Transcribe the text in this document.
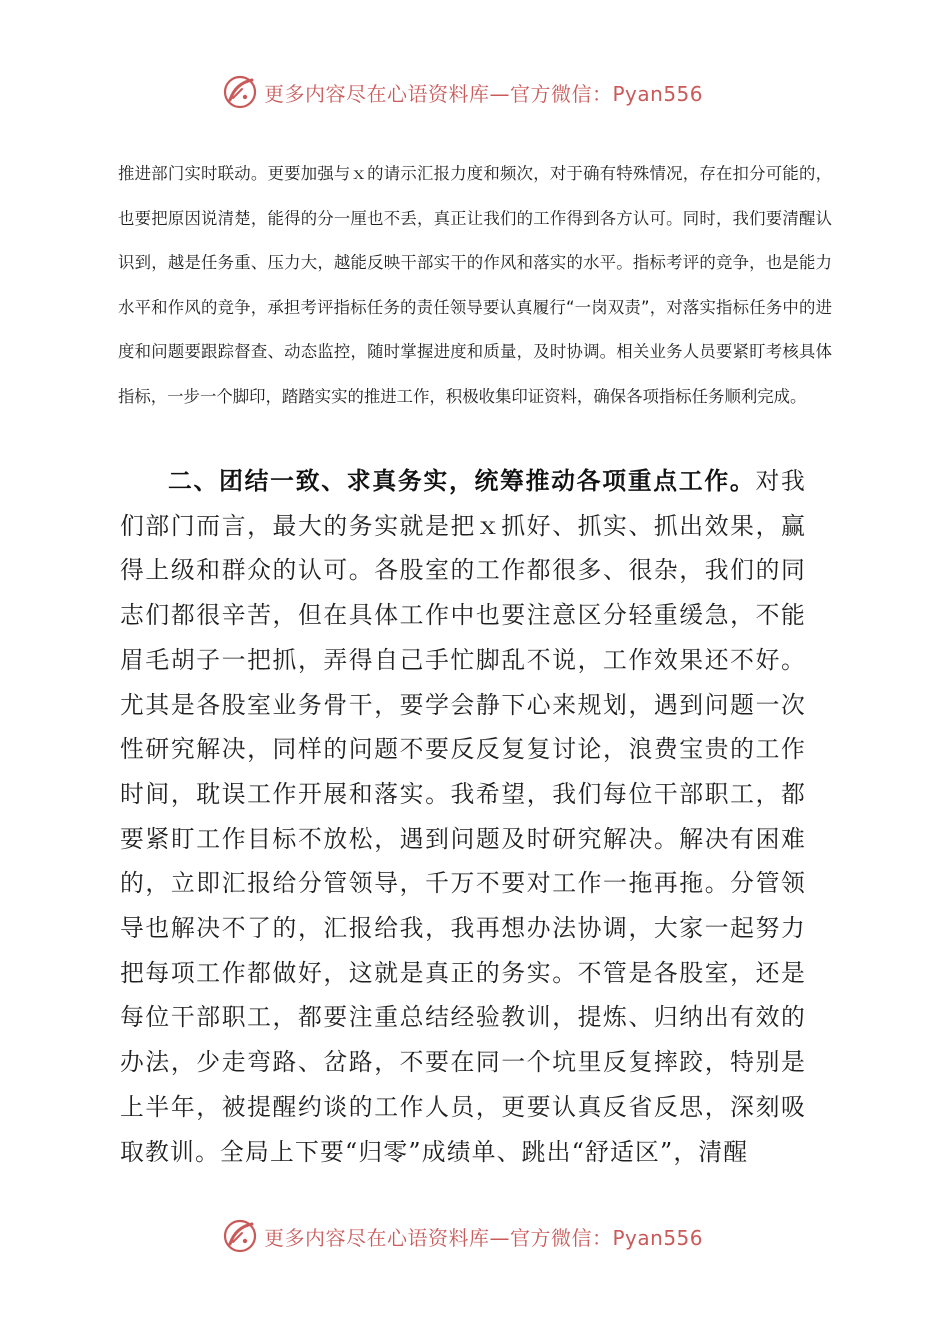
更多内容尽在心语资料库—官方微信：Pyan556

推进部门实时联动。更要加强与ｘ的请示汇报力度和频次，对于确有特殊情况，存在扣分可能的，也要把原因说清楚，能得的分一厘也不丢，真正让我们的工作得到各方认可。同时，我们要清醒认识到，越是任务重、压力大，越能反映干部实干的作风和落实的水平。指标考评的竞争，也是能力水平和作风的竞争，承担考评指标任务的责任领导要认真履行“一岗双责”，对落实指标任务中的进度和问题要跟踪督查、动态监控，随时掌握进度和质量，及时协调。相关业务人员要紧盯考核具体指标，一步一个脚印，踏踏实实的推进工作，积极收集印证资料，确保各项指标任务顺利完成。

二、团结一致、求真务实，统筹推动各项重点工作。对我们部门而言，最大的务实就是把ｘ抓好、抓实、抓出效果，赢得上级和群众的认可。各股室的工作都很多、很杂，我们的同志们都很辛苦，但在具体工作中也要注意区分轻重缓急，不能眉毛胡子一把抓，弄得自己手忙脚乱不说，工作效果还不好。尤其是各股室业务骨干，要学会静下心来规划，遇到问题一次性研究解决，同样的问题不要反反复复讨论，浪费宝贵的工作时间，耽误工作开展和落实。我希望，我们每位干部职工，都要紧盯工作目标不放松，遇到问题及时研究解决。解决有困难的，立即汇报给分管领导，千万不要对工作一拖再拖。分管领导也解决不了的，汇报给我，我再想办法协调，大家一起努力把每项工作都做好，这就是真正的务实。不管是各股室，还是每位干部职工，都要注重总结经验教训，提炼、归纳出有效的办法，少走弯路、岔路，不要在同一个坑里反复摔跤，特别是上半年，被提醒约谈的工作人员，更要认真反省反思，深刻吸取教训。全局上下要“归零”成绩单、跳出“舒适区”，清醒

更多内容尽在心语资料库—官方微信：Pyan556
